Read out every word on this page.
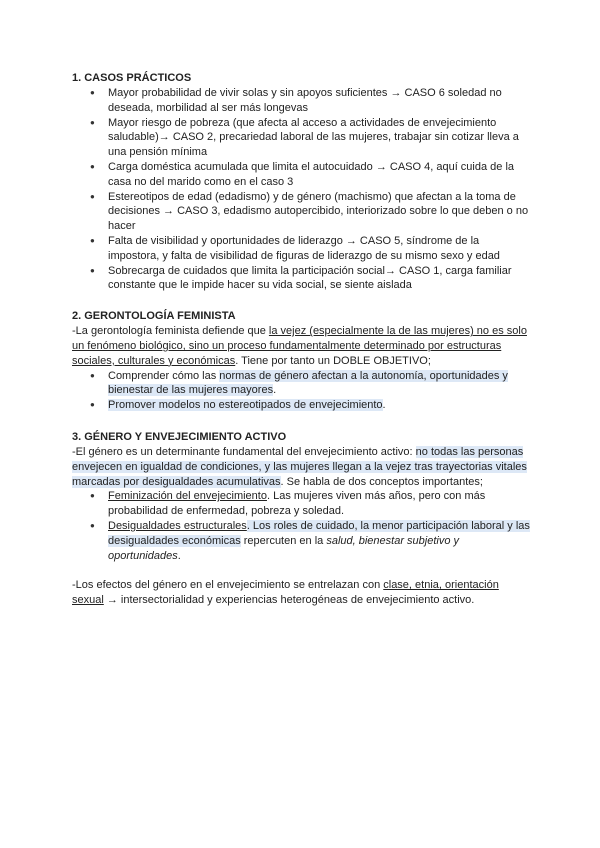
1. CASOS PRÁCTICOS
● Mayor probabilidad de vivir solas y sin apoyos suficientes → CASO 6 soledad no deseada, morbilidad al ser más longevas
● Mayor riesgo de pobreza (que afecta al acceso a actividades de envejecimiento saludable)→ CASO 2, precariedad laboral de las mujeres, trabajar sin cotizar lleva a una pensión mínima
● Carga doméstica acumulada que limita el autocuidado → CASO 4, aquí cuida de la casa no del marido como en el caso 3
● Estereotipos de edad (edadismo) y de género (machismo) que afectan a la toma de decisiones → CASO 3, edadismo autopercibido, interiorizado sobre lo que deben o no hacer
● Falta de visibilidad y oportunidades de liderazgo → CASO 5, síndrome de la impostora, y falta de visibilidad de figuras de liderazgo de su mismo sexo y edad
● Sobrecarga de cuidados que limita la participación social→ CASO 1, carga familiar constante que le impide hacer su vida social, se siente aislada
2. GERONTOLOGÍA FEMINISTA

-La gerontología feminista defiende que la vejez (especialmente la de las mujeres) no es solo un fenómeno biológico, sino un proceso fundamentalmente determinado por estructuras sociales, culturales y económicas. Tiene por tanto un DOBLE OBJETIVO;

● Comprender cómo las normas de género afectan a la autonomía, oportunidades y bienestar de las mujeres mayores.
● Promover modelos no estereotipados de envejecimiento.
3. GÉNERO Y ENVEJECIMIENTO ACTIVO

-El género es un determinante fundamental del envejecimiento activo: no todas las personas envejecen en igualdad de condiciones, y las mujeres llegan a la vejez tras trayectorias vitales marcadas por desigualdades acumulativas. Se habla de dos conceptos importantes;

● Feminización del envejecimiento. Las mujeres viven más años, pero con más probabilidad de enfermedad, pobreza y soledad.
● Desigualdades estructurales. Los roles de cuidado, la menor participación laboral y las desigualdades económicas repercuten en la salud, bienestar subjetivo y oportunidades.

-Los efectos del género en el envejecimiento se entrelazan con clase, etnia, orientación sexual → intersectorialidad y experiencias heterogéneas de envejecimiento activo.
